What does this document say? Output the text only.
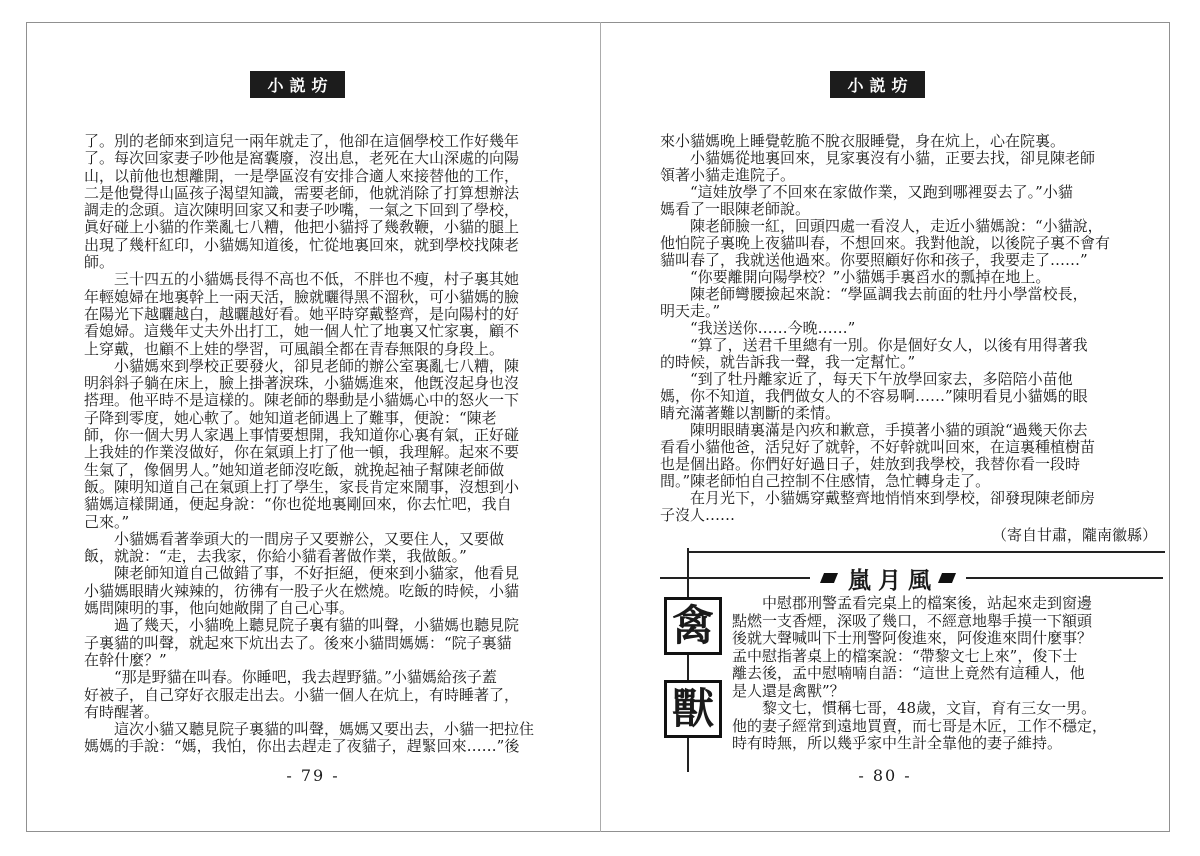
小説坊
了。別的老師來到這兒一兩年就走了，他卻在這個學校工作好幾年
了。每次回家妻子吵他是窩囊廢，沒出息，老死在大山深處的向陽
山，以前他也想離開，一是學區沒有安排合適人來接替他的工作，
二是他覺得山區孩子渴望知識，需要老師，他就消除了打算想辦法
調走的念頭。這次陳明回家又和妻子吵嘴，一氣之下回到了學校，
眞好碰上小貓的作業亂七八糟，他把小貓捋了幾敎鞭，小貓的腿上
出現了幾杆紅印，小貓媽知道後，忙從地裏回來，就到學校找陳老
師。
　　三十四五的小貓媽長得不高也不低，不胖也不瘦，村子裏其她
年輕媳婦在地裏幹上一兩天活，臉就曬得黑不溜秋，可小貓媽的臉
在陽光下越曬越白，越曬越好看。她平時穿戴整齊，是向陽村的好
看媳婦。這幾年丈夫外出打工，她一個人忙了地裏又忙家裏，顧不
上穿戴，也顧不上娃的學習，可風韻全都在青春無限的身段上。
　　小貓媽來到學校正要發火，卻見老師的辦公室裏亂七八糟，陳
明斜斜子躺在床上，臉上掛著淚珠，小貓媽進來，他旣沒起身也沒
搭理。他平時不是這樣的。陳老師的舉動是小貓媽心中的怒火一下
子降到零度，她心軟了。她知道老師遇上了難事，便說：“陳老
師，你一個大男人家遇上事情要想開，我知道你心裏有氣，正好碰
上我娃的作業沒做好，你在氣頭上打了他一頓，我理解。起來不要
生氣了，像個男人。”她知道老師沒吃飯，就挽起袖子幫陳老師做
飯。陳明知道自己在氣頭上打了學生，家長肯定來鬧事，沒想到小
貓媽這樣開通，便起身說：“你也從地裏剛回來，你去忙吧，我自
己來。”
　　小貓媽看著拳頭大的一間房子又要辦公，又要住人，又要做
飯，就說：“走，去我家，你給小貓看著做作業，我做飯。”
　　陳老師知道自己做錯了事，不好拒絕，便來到小貓家，他看見
小貓媽眼睛火辣辣的，彷彿有一股子火在燃燒。吃飯的時候，小貓
媽問陳明的事，他向她敞開了自己心事。
　　過了幾天，小貓晚上聽見院子裏有貓的叫聲，小貓媽也聽見院
子裏貓的叫聲，就起來下炕出去了。後來小貓問媽媽：“院子裏貓
在幹什麼？”
　　“那是野貓在叫春。你睡吧，我去趕野貓。”小貓媽給孩子蓋
好被子，自己穿好衣服走出去。小貓一個人在炕上，有時睡著了，
有時醒著。
　　這次小貓又聽見院子裏貓的叫聲，媽媽又要出去，小貓一把拉住
媽媽的手說：“媽，我怕，你出去趕走了夜貓子，趕緊回來……”後
- 79 -
小説坊
來小貓媽晚上睡覺乾脆不脫衣服睡覺，身在炕上，心在院裏。
　　小貓媽從地裏回來，見家裏沒有小貓，正要去找，卻見陳老師
領著小貓走進院子。
　　“這娃放學了不回來在家做作業，又跑到哪裡耍去了。”小貓
媽看了一眼陳老師說。
　　陳老師臉一紅，回頭四處一看沒人，走近小貓媽說：“小貓說，
他怕院子裏晚上夜貓叫春，不想回來。我對他說，以後院子裏不會有
貓叫春了，我就送他過來。你要照顧好你和孩子，我要走了……”
　　“你要離開向陽學校？”小貓媽手裏舀水的瓢掉在地上。
　　陳老師彎腰撿起來說：“學區調我去前面的牡丹小學當校長，
明天走。”
　　“我送送你……今晚……”
　　“算了，送君千里總有一別。你是個好女人，以後有用得著我
的時候，就告訴我一聲，我一定幫忙。”
　　“到了牡丹離家近了，每天下午放學回家去，多陪陪小苗他
媽，你不知道，我們做女人的不容易啊……”陳明看見小貓媽的眼
睛充滿著難以割斷的柔情。
　　陳明眼睛裏滿是內疚和歉意，手摸著小貓的頭說“過幾天你去
看看小貓他爸，活兒好了就幹，不好幹就叫回來，在這裏種植樹苗
也是個出路。你們好好過日子，娃放到我學校，我替你看一段時
間。”陳老師怕自己控制不住感情，急忙轉身走了。
　　在月光下，小貓媽穿戴整齊地悄悄來到學校，卻發現陳老師房
子沒人……
（寄自甘肅，隴南徽縣）
嵐月風
禽
獸
　　中慰郡刑警孟看完桌上的檔案後，站起來走到窗邊
點燃一支香煙，深吸了幾口，不經意地舉手摸一下額頭
後就大聲喊叫下士刑警阿俊進來，阿俊進來問什麼事？
孟中慰指著桌上的檔案說：“帶黎文七上來”，俊下士
離去後，孟中慰喃喃自語：“這世上竟然有這種人，他
是人還是禽獸”？
　　黎文七，慣稱七哥，48歲，文盲，育有三女一男。
他的妻子經常到遠地買賣，而七哥是木匠，工作不穩定，
時有時無，所以幾乎家中生計全靠他的妻子維持。
- 80 -
